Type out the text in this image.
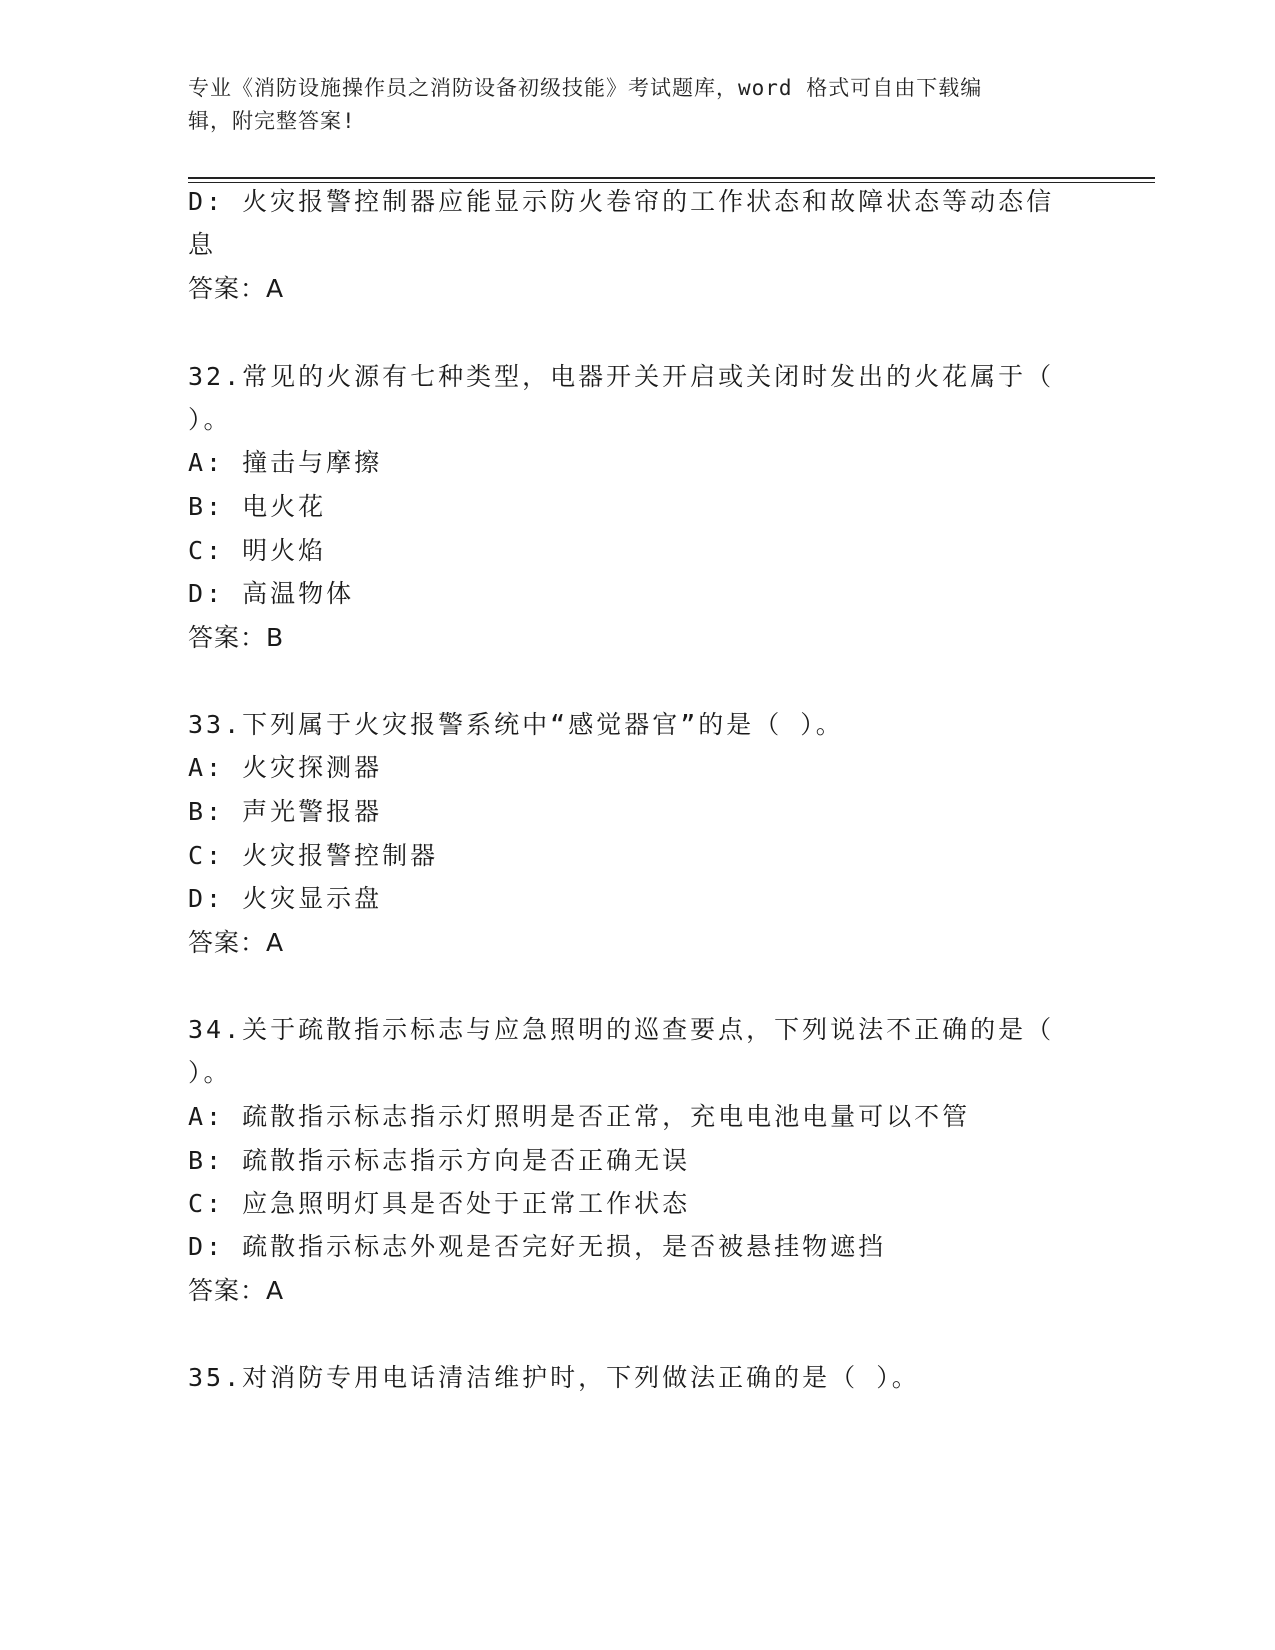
专业《消防设施操作员之消防设备初级技能》考试题库，word 格式可自由下载编
辑，附完整答案!
D: 火灾报警控制器应能显示防火卷帘的工作状态和故障状态等动态信
息
答案：A
32.常见的火源有七种类型，电器开关开启或关闭时发出的火花属于（
）。
A: 撞击与摩擦
B: 电火花
C: 明火焰
D: 高温物体
答案：B
33.下列属于火灾报警系统中“感觉器官”的是（ ）。
A: 火灾探测器
B: 声光警报器
C: 火灾报警控制器
D: 火灾显示盘
答案：A
34.关于疏散指示标志与应急照明的巡查要点，下列说法不正确的是（
）。
A: 疏散指示标志指示灯照明是否正常，充电电池电量可以不管
B: 疏散指示标志指示方向是否正确无误
C: 应急照明灯具是否处于正常工作状态
D: 疏散指示标志外观是否完好无损，是否被悬挂物遮挡
答案：A
35.对消防专用电话清洁维护时，下列做法正确的是（ ）。
